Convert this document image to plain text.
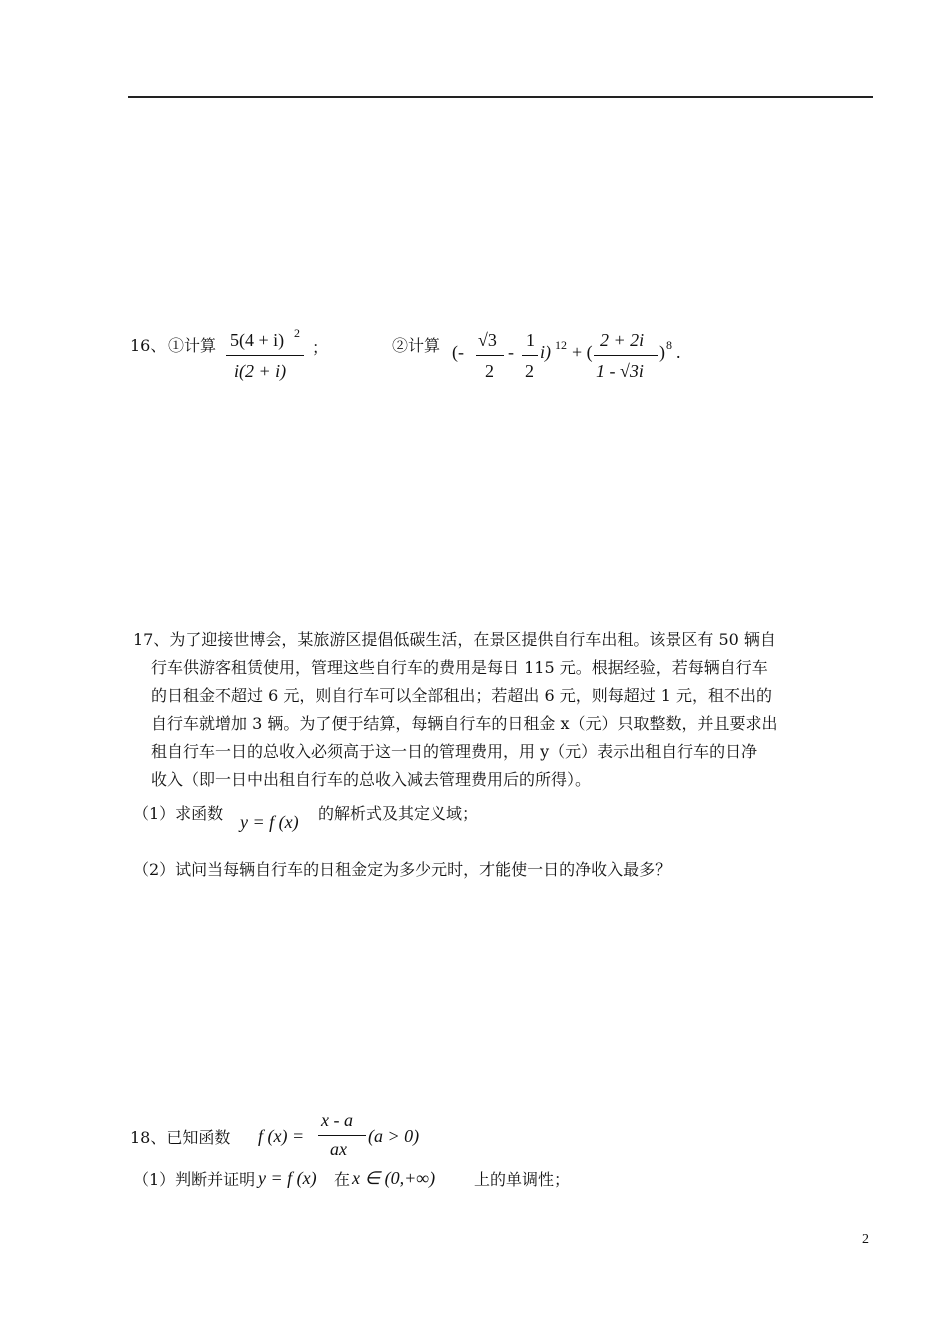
16、 ①计算 5(4 + i) 2
i(2 + i)
；	②计算 (-
√3
2
-
1
2
i) 12 + (
2 + 2i
1 - √3i
) 8 .
17、为了迎接世博会，某旅游区提倡低碳生活，在景区提供自行车出租。该景区有 50 辆自
行车供游客租赁使用，管理这些自行车的费用是每日 115 元。根据经验，若每辆自行车
的日租金不超过 6 元，则自行车可以全部租出；若超出 6 元，则每超过 1 元，租不出的
自行车就增加 3 辆。为了便于结算，每辆自行车的日租金 x（元）只取整数，并且要求出
租自行车一日的总收入必须高于这一日的管理费用，用 y（元）表示出租自行车的日净
收入（即一日中出租自行车的总收入减去管理费用后的所得）。
（1）求函数 y = f (x) 的解析式及其定义域；
（2）试问当每辆自行车的日租金定为多少元时，才能使一日的净收入最多？
18、已知函数 f (x) =
x - a
ax
(a > 0)
（1）判断并证明 y = f (x) 在 x ∈ (0,+∞) 上的单调性；
2
